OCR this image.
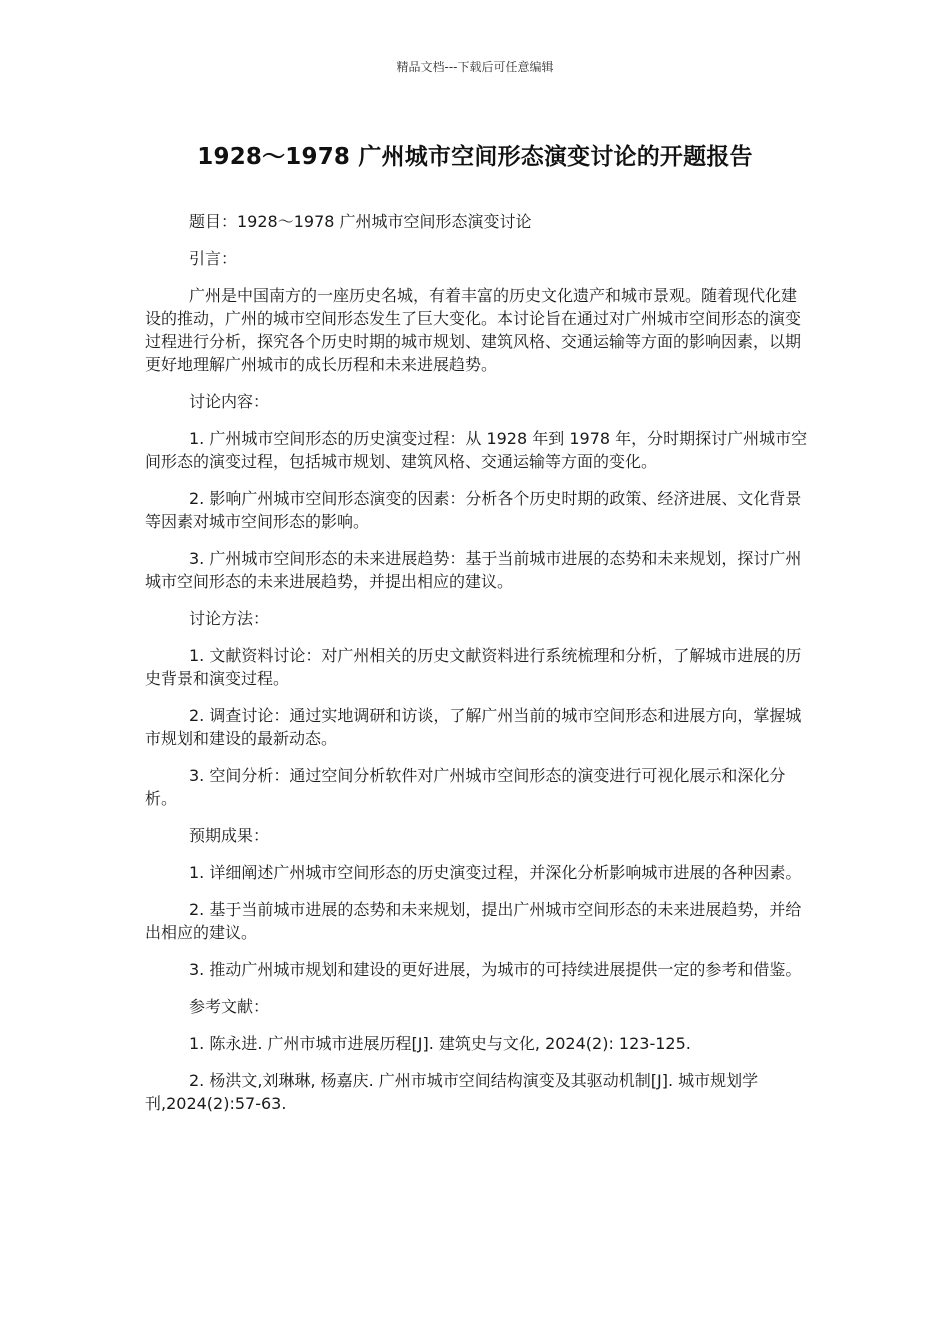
精品文档---下载后可任意编辑
1928～1978 广州城市空间形态演变讨论的开题报告

题目：1928～1978 广州城市空间形态演变讨论

引言：

广州是中国南方的一座历史名城，有着丰富的历史文化遗产和城市景观。随着现代化建设的推动，广州的城市空间形态发生了巨大变化。本讨论旨在通过对广州城市空间形态的演变过程进行分析，探究各个历史时期的城市规划、建筑风格、交通运输等方面的影响因素，以期更好地理解广州城市的成长历程和未来进展趋势。

讨论内容：

1. 广州城市空间形态的历史演变过程：从 1928 年到 1978 年，分时期探讨广州城市空间形态的演变过程，包括城市规划、建筑风格、交通运输等方面的变化。

2. 影响广州城市空间形态演变的因素：分析各个历史时期的政策、经济进展、文化背景等因素对城市空间形态的影响。

3. 广州城市空间形态的未来进展趋势：基于当前城市进展的态势和未来规划，探讨广州城市空间形态的未来进展趋势，并提出相应的建议。

讨论方法：

1. 文献资料讨论：对广州相关的历史文献资料进行系统梳理和分析，了解城市进展的历史背景和演变过程。

2. 调查讨论：通过实地调研和访谈，了解广州当前的城市空间形态和进展方向，掌握城市规划和建设的最新动态。

3. 空间分析：通过空间分析软件对广州城市空间形态的演变进行可视化展示和深化分析。

预期成果：

1. 详细阐述广州城市空间形态的历史演变过程，并深化分析影响城市进展的各种因素。

2. 基于当前城市进展的态势和未来规划，提出广州城市空间形态的未来进展趋势，并给出相应的建议。

3. 推动广州城市规划和建设的更好进展，为城市的可持续进展提供一定的参考和借鉴。

参考文献：

1. 陈永进. 广州市城市进展历程[J]. 建筑史与文化, 2024(2): 123-125.

2. 杨洪文,刘琳琳, 杨嘉庆. 广州市城市空间结构演变及其驱动机制[J]. 城市规划学刊,2024(2):57-63.
